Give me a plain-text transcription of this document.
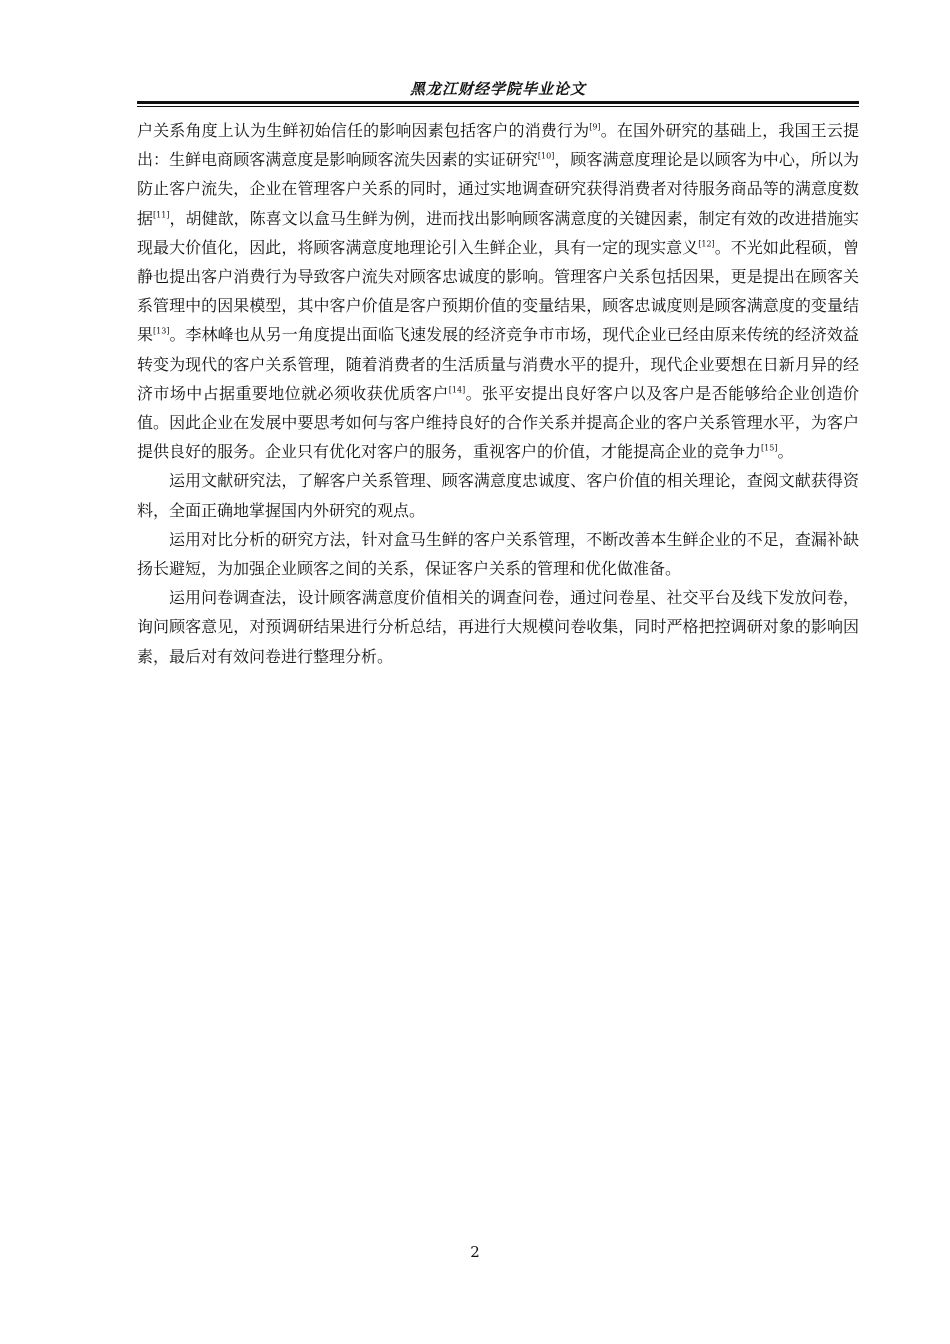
黑龙江财经学院毕业论文

户关系角度上认为生鲜初始信任的影响因素包括客户的消费行为[9]。在国外研究的基础上，我国王云提出：生鲜电商顾客满意度是影响顾客流失因素的实证研究[10]，顾客满意度理论是以顾客为中心，所以为防止客户流失，企业在管理客户关系的同时，通过实地调查研究获得消费者对待服务商品等的满意度数据[11]，胡健歆，陈喜文以盒马生鲜为例，进而找出影响顾客满意度的关键因素，制定有效的改进措施实现最大价值化，因此，将顾客满意度地理论引入生鲜企业，具有一定的现实意义[12]。不光如此程硕，曾静也提出客户消费行为导致客户流失对顾客忠诚度的影响。管理客户关系包括因果，更是提出在顾客关系管理中的因果模型，其中客户价值是客户预期价值的变量结果，顾客忠诚度则是顾客满意度的变量结果[13]。李林峰也从另一角度提出面临飞速发展的经济竞争市市场，现代企业已经由原来传统的经济效益转变为现代的客户关系管理，随着消费者的生活质量与消费水平的提升，现代企业要想在日新月异的经济市场中占据重要地位就必须收获优质客户[14]。张平安提出良好客户以及客户是否能够给企业创造价值。因此企业在发展中要思考如何与客户维持良好的合作关系并提高企业的客户关系管理水平，为客户提供良好的服务。企业只有优化对客户的服务，重视客户的价值，才能提高企业的竞争力[15]。

运用文献研究法，了解客户关系管理、顾客满意度忠诚度、客户价值的相关理论，查阅文献获得资料，全面正确地掌握国内外研究的观点。

运用对比分析的研究方法，针对盒马生鲜的客户关系管理，不断改善本生鲜企业的不足，查漏补缺扬长避短，为加强企业顾客之间的关系，保证客户关系的管理和优化做准备。

运用问卷调查法，设计顾客满意度价值相关的调查问卷，通过问卷星、社交平台及线下发放问卷，询问顾客意见，对预调研结果进行分析总结，再进行大规模问卷收集，同时严格把控调研对象的影响因素，最后对有效问卷进行整理分析。

2
